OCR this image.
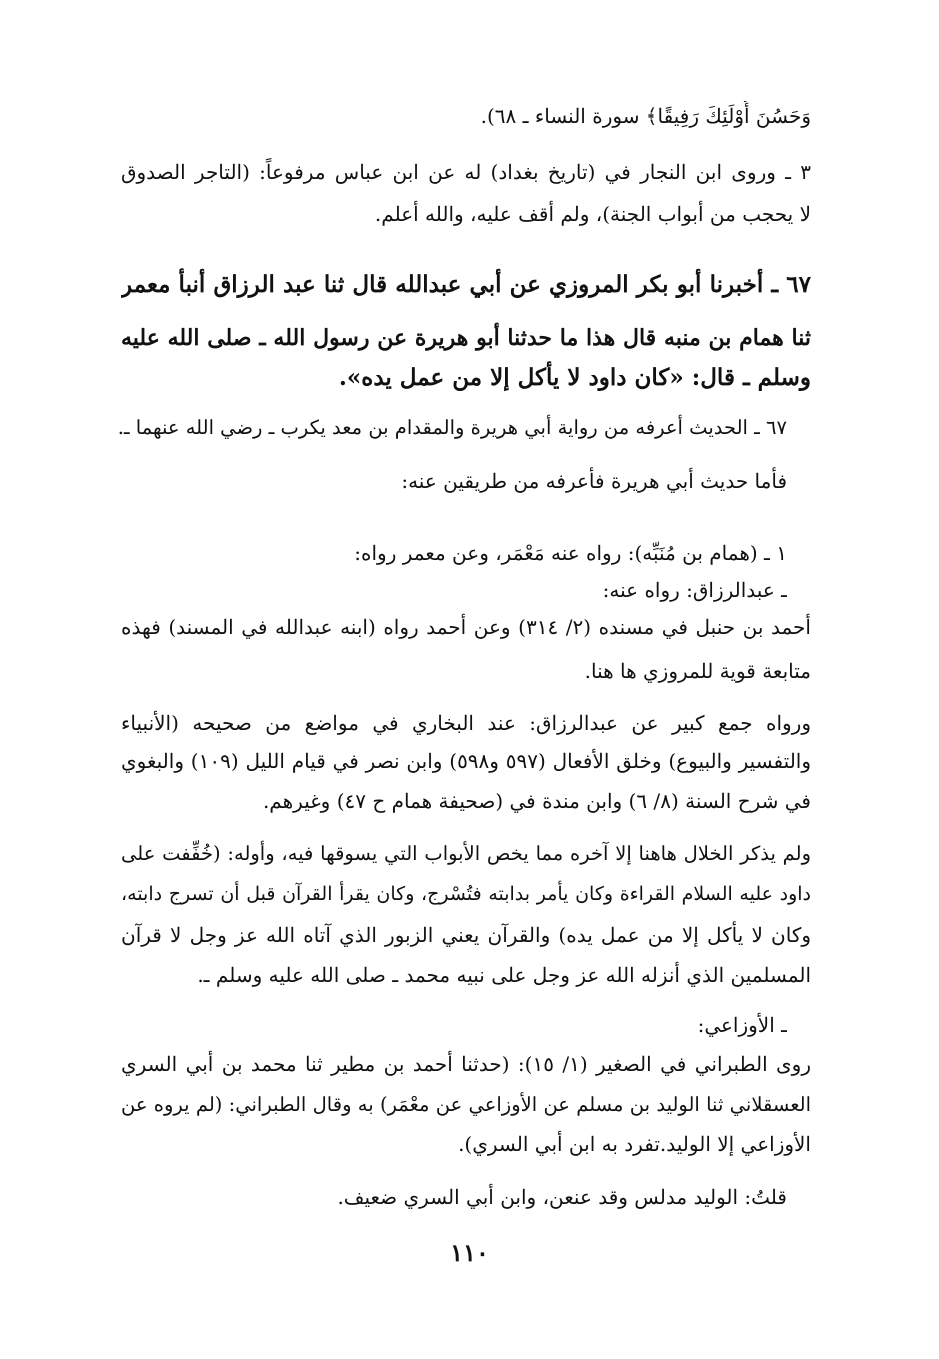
وَحَسُنَ أُوْلَئِكَ رَفِيقًا﴾ سورة النساء ـ ٦٨).
٣ ـ وروى ابن النجار في (تاريخ بغداد) له عن ابن عباس مرفوعاً: (التاجر الصدوق
لا يحجب من أبواب الجنة)، ولم أقف عليه، والله أعلم.
٦٧ ـ أخبرنا أبو بكر المروزي عن أبي عبدالله قال ثنا عبد الرزاق أنبأ معمر
ثنا همام بن منبه قال هذا ما حدثنا أبو هريرة عن رسول الله ـ صلى الله عليه
وسلم ـ قال: «كان داود لا يأكل إلا من عمل يده».
٦٧ ـ الحديث أعرفه من رواية أبي هريرة والمقدام بن معد يكرب ـ رضي الله عنهما ـ.
فأما حديث أبي هريرة فأعرفه من طريقين عنه:
١ ـ (همام بن مُنَبِّه): رواه عنه مَعْمَر، وعن معمر رواه:
ـ عبدالرزاق: رواه عنه:
أحمد بن حنبل في مسنده (٢/ ٣١٤) وعن أحمد رواه (ابنه عبدالله في المسند) فهذه
متابعة قوية للمروزي ها هنا.
ورواه جمع كبير عن عبدالرزاق: عند البخاري في مواضع من صحيحه (الأنبياء
والتفسير والبيوع) وخلق الأفعال (٥٩٧ و٥٩٨) وابن نصر في قيام الليل (١٠٩) والبغوي
في شرح السنة (٨/ ٦) وابن مندة في (صحيفة همام ح ٤٧) وغيرهم.
ولم يذكر الخلال هاهنا إلا آخره مما يخص الأبواب التي يسوقها فيه، وأوله: (خُفِّفت على
داود عليه السلام القراءة وكان يأمر بدابته فتُسْرج، وكان يقرأ القرآن قبل أن تسرج دابته،
وكان لا يأكل إلا من عمل يده) والقرآن يعني الزبور الذي آتاه الله عز وجل لا قرآن
المسلمين الذي أنزله الله عز وجل على نبيه محمد ـ صلى الله عليه وسلم ـ.
ـ الأوزاعي:
روى الطبراني في الصغير (١/ ١٥): (حدثنا أحمد بن مطير ثنا محمد بن أبي السري
العسقلاني ثنا الوليد بن مسلم عن الأوزاعي عن معْمَر) به وقال الطبراني: (لم يروه عن
الأوزاعي إلا الوليد.تفرد به ابن أبي السري).
قلتُ: الوليد مدلس وقد عنعن، وابن أبي السري ضعيف.
١١٠
